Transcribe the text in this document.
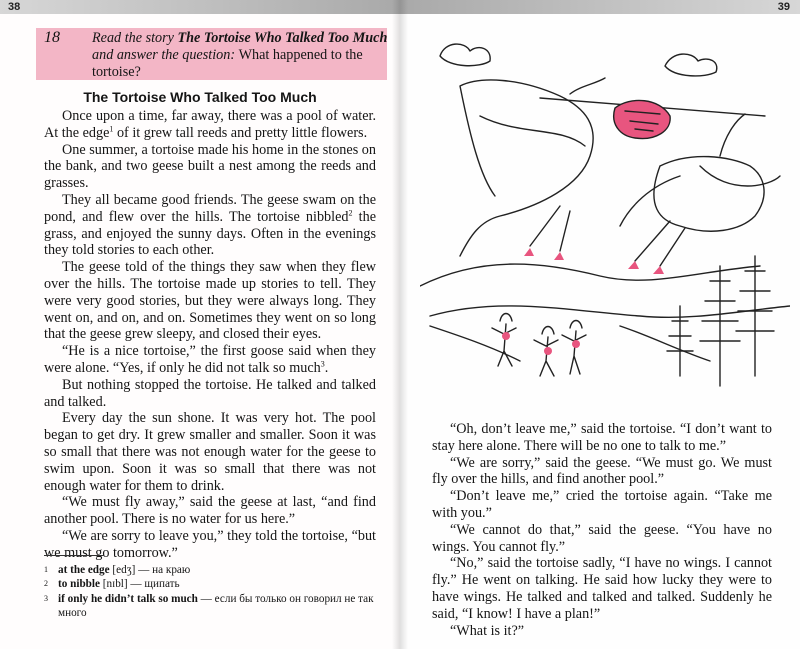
38
18 Read the story The Tortoise Who Talked Too Much and answer the question: What happened to the tortoise?
The Tortoise Who Talked Too Much

Once upon a time, far away, there was a pool of water. At the edge$^1$ of it grew tall reeds and pretty little flowers.

One summer, a tortoise made his home in the stones on the bank, and two geese built a nest among the reeds and grasses.

They all became good friends. The geese swam on the pond, and flew over the hills. The tortoise nibbled$^2$ the grass, and enjoyed the sunny days. Often in the evenings they told stories to each other.

The geese told of the things they saw when they flew over the hills. The tortoise made up stories to tell. They were very good stories, but they were always long. They went on, and on, and on. Sometimes they went on so long that the geese grew sleepy, and closed their eyes.

“He is a nice tortoise,” the first goose said when they were alone. “Yes, if only he did not talk so much$^3$.

But nothing stopped the tortoise. He talked and talked and talked.

Every day the sun shone. It was very hot. The pool began to get dry. It grew smaller and smaller. Soon it was so small that there was not enough water for the geese to swim upon. Soon it was so small that there was not enough water for them to drink.

“We must fly away,” said the geese at last, “and find another pool. There is no water for us here.”

“We are sorry to leave you,” they told the tortoise, “but we must go tomorrow.”

1 at the edge [edʒ] — на краю
2 to nibble [nɪbl] — щипать
3 if only he didn’t talk so much — если бы только он говорил не так много
39

“Oh, don’t leave me,” said the tortoise. “I don’t want to stay here alone. There will be no one to talk to me.”

“We are sorry,” said the geese. “We must go. We must fly over the hills, and find another pool.”

“Don’t leave me,” cried the tortoise again. “Take me with you.”

“We cannot do that,” said the geese. “You have no wings. You cannot fly.”

“No,” said the tortoise sadly, “I have no wings. I cannot fly.” He went on talking. He said how lucky they were to have wings. He talked and talked and talked. Suddenly he said, “I know! I have a plan!”

“What is it?”
